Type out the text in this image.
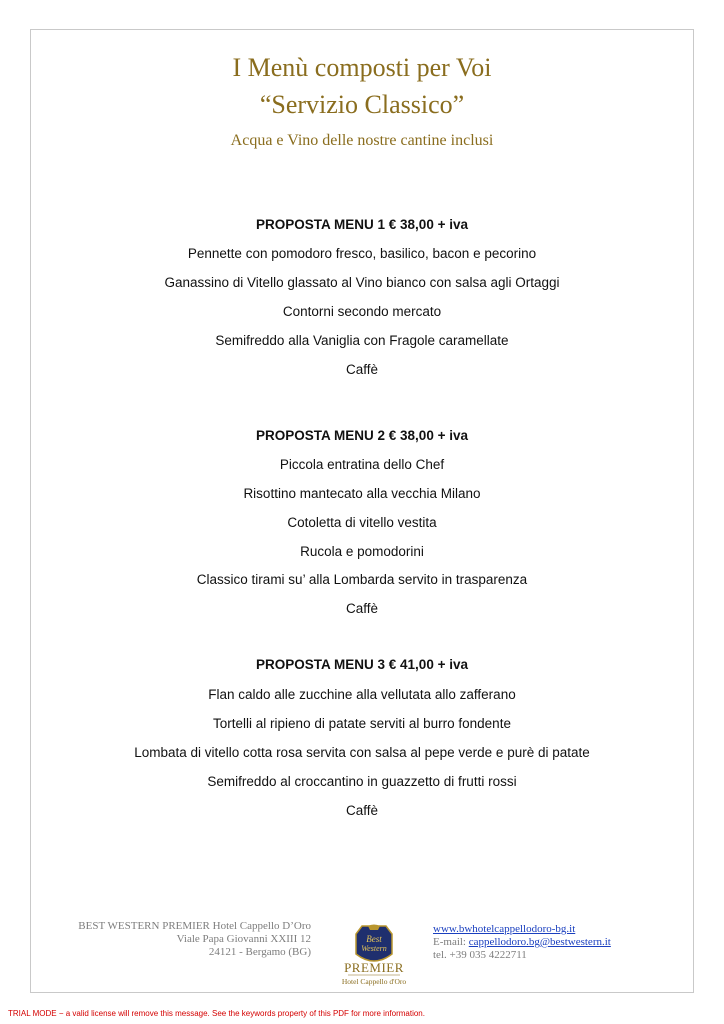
I Menù composti per Voi
“Servizio Classico”
Acqua e Vino delle nostre cantine inclusi
PROPOSTA MENU 1 € 38,00 + iva
Pennette con pomodoro fresco, basilico, bacon e pecorino
Ganassino di Vitello glassato al Vino bianco con salsa agli Ortaggi
Contorni secondo mercato
Semifreddo alla Vaniglia con Fragole caramellate
Caffè
PROPOSTA MENU 2 € 38,00 + iva
Piccola entratina dello Chef
Risottino mantecato alla vecchia Milano
Cotoletta di vitello vestita
Rucola e pomodorini
Classico tirami su’ alla Lombarda servito in trasparenza
Caffè
PROPOSTA MENU 3 € 41,00 + iva
Flan caldo alle zucchine alla vellutata allo zafferano
Tortelli al ripieno di patate serviti al burro fondente
Lombata di vitello cotta rosa servita con salsa al pepe verde e purè di patate
Semifreddo al croccantino in guazzetto di frutti rossi
Caffè
BEST WESTERN PREMIER Hotel Cappello D’Oro
Viale Papa Giovanni XXIII 12
24121 - Bergamo (BG)
Best
Western
PREMIER
Hotel Cappello d'Oro
www.bwhotelcappellodoro-bg.it
E-mail: cappellodoro.bg@bestwestern.it
tel. +39 035 4222711
TRIAL MODE − a valid license will remove this message. See the keywords property of this PDF for more information.
